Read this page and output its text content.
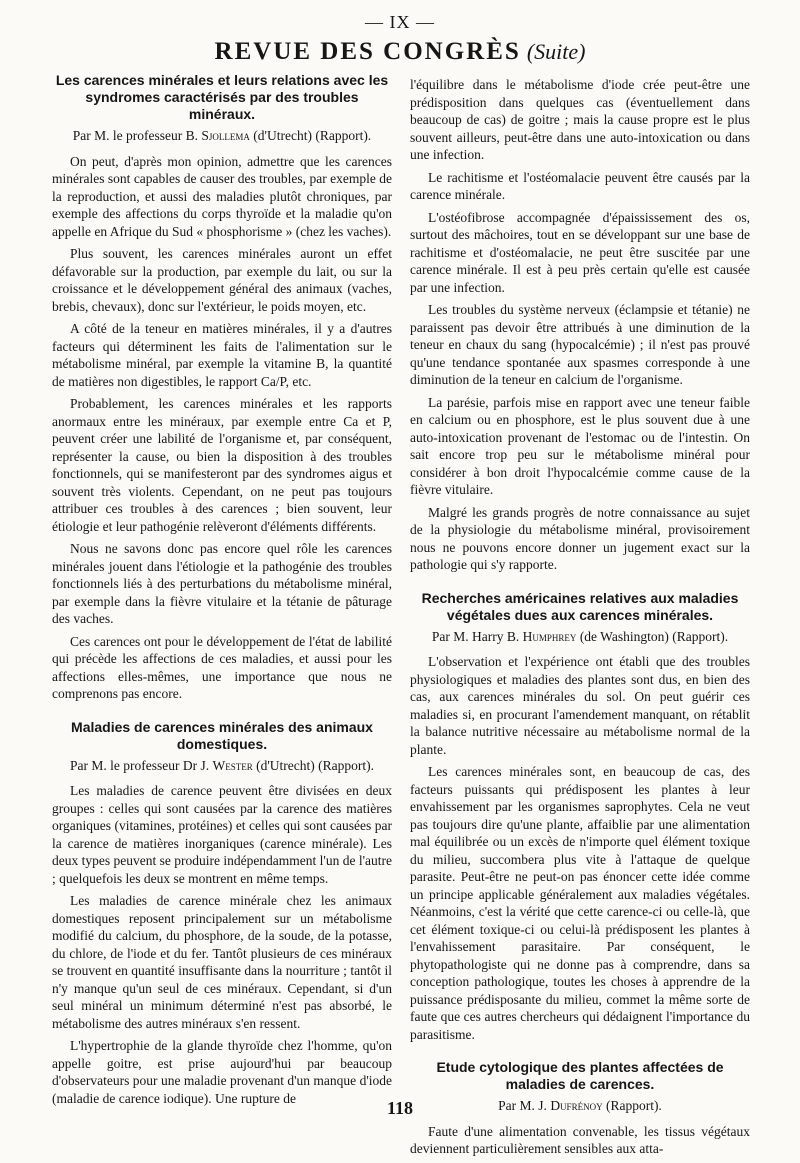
— IX —
REVUE DES CONGRÈS (Suite)
Les carences minérales et leurs relations avec les syndromes caractérisés par des troubles minéraux.
Par M. le professeur B. Sjollema (d'Utrecht) (Rapport).

On peut, d'après mon opinion, admettre que les carences minérales sont capables de causer des troubles, par exemple de la reproduction, et aussi des maladies plutôt chroniques, par exemple des affections du corps thyroïde et la maladie qu'on appelle en Afrique du Sud « phosphorisme » (chez les vaches).

Plus souvent, les carences minérales auront un effet défavorable sur la production, par exemple du lait, ou sur la croissance et le développement général des animaux (vaches, brebis, chevaux), donc sur l'extérieur, le poids moyen, etc.

A côté de la teneur en matières minérales, il y a d'autres facteurs qui déterminent les faits de l'alimentation sur le métabolisme minéral, par exemple la vitamine B, la quantité de matières non digestibles, le rapport Ca/P, etc.

Probablement, les carences minérales et les rapports anormaux entre les minéraux, par exemple entre Ca et P, peuvent créer une labilité de l'organisme et, par conséquent, représenter la cause, ou bien la disposition à des troubles fonctionnels, qui se manifesteront par des syndromes aigus et souvent très violents. Cependant, on ne peut pas toujours attribuer ces troubles à des carences ; bien souvent, leur étiologie et leur pathogénie relèveront d'éléments différents.

Nous ne savons donc pas encore quel rôle les carences minérales jouent dans l'étiologie et la pathogénie des troubles fonctionnels liés à des perturbations du métabolisme minéral, par exemple dans la fièvre vitulaire et la tétanie de pâturage des vaches.

Ces carences ont pour le développement de l'état de labilité qui précède les affections de ces maladies, et aussi pour les affections elles-mêmes, une importance que nous ne comprenons pas encore.

Maladies de carences minérales des animaux domestiques.
Par M. le professeur Dr J. Wester (d'Utrecht) (Rapport).

Les maladies de carence peuvent être divisées en deux groupes : celles qui sont causées par la carence des matières organiques (vitamines, protéines) et celles qui sont causées par la carence de matières inorganiques (carence minérale). Les deux types peuvent se produire indépendamment l'un de l'autre ; quelquefois les deux se montrent en même temps.

Les maladies de carence minérale chez les animaux domestiques reposent principalement sur un métabolisme modifié du calcium, du phosphore, de la soude, de la potasse, du chlore, de l'iode et du fer. Tantôt plusieurs de ces minéraux se trouvent en quantité insuffisante dans la nourriture ; tantôt il n'y manque qu'un seul de ces minéraux. Cependant, si d'un seul minéral un minimum déterminé n'est pas absorbé, le métabolisme des autres minéraux s'en ressent.

L'hypertrophie de la glande thyroïde chez l'homme, qu'on appelle goitre, est prise aujourd'hui par beaucoup d'observateurs pour une maladie provenant d'un manque d'iode (maladie de carence iodique). Une rupture de

l'équilibre dans le métabolisme d'iode crée peut-être une prédisposition dans quelques cas (éventuellement dans beaucoup de cas) de goitre ; mais la cause propre est le plus souvent ailleurs, peut-être dans une auto-intoxication ou dans une infection.

Le rachitisme et l'ostéomalacie peuvent être causés par la carence minérale.

L'ostéofibrose accompagnée d'épaississement des os, surtout des mâchoires, tout en se développant sur une base de rachitisme et d'ostéomalacie, ne peut être suscitée par une carence minérale. Il est à peu près certain qu'elle est causée par une infection.

Les troubles du système nerveux (éclampsie et tétanie) ne paraissent pas devoir être attribués à une diminution de la teneur en chaux du sang (hypocalcémie) ; il n'est pas prouvé qu'une tendance spontanée aux spasmes corresponde à une diminution de la teneur en calcium de l'organisme.

La parésie, parfois mise en rapport avec une teneur faible en calcium ou en phosphore, est le plus souvent due à une auto-intoxication provenant de l'estomac ou de l'intestin. On sait encore trop peu sur le métabolisme minéral pour considérer à bon droit l'hypocalcémie comme cause de la fièvre vitulaire.

Malgré les grands progrès de notre connaissance au sujet de la physiologie du métabolisme minéral, provisoirement nous ne pouvons encore donner un jugement exact sur la pathologie qui s'y rapporte.

Recherches américaines relatives aux maladies végétales dues aux carences minérales.
Par M. Harry B. Humphrey (de Washington) (Rapport).

L'observation et l'expérience ont établi que des troubles physiologiques et maladies des plantes sont dus, en bien des cas, aux carences minérales du sol. On peut guérir ces maladies si, en procurant l'amendement manquant, on rétablit la balance nutritive nécessaire au métabolisme normal de la plante.

Les carences minérales sont, en beaucoup de cas, des facteurs puissants qui prédisposent les plantes à leur envahissement par les organismes saprophytes. Cela ne veut pas toujours dire qu'une plante, affaiblie par une alimentation mal équilibrée ou un excès de n'importe quel élément toxique du milieu, succombera plus vite à l'attaque de quelque parasite. Peut-être ne peut-on pas énoncer cette idée comme un principe applicable généralement aux maladies végétales. Néanmoins, c'est la vérité que cette carence-ci ou celle-là, que cet élément toxique-ci ou celui-là prédisposent les plantes à l'envahissement parasitaire. Par conséquent, le phytopathologiste qui ne donne pas à comprendre, dans sa conception pathologique, toutes les choses à apprendre de la puissance prédisposante du milieu, commet la même sorte de faute que ces autres chercheurs qui dédaignent l'importance du parasitisme.

Etude cytologique des plantes affectées de maladies de carences.
Par M. J. Dufrénoy (Rapport).

Faute d'une alimentation convenable, les tissus végétaux deviennent particulièrement sensibles aux atta-

118
